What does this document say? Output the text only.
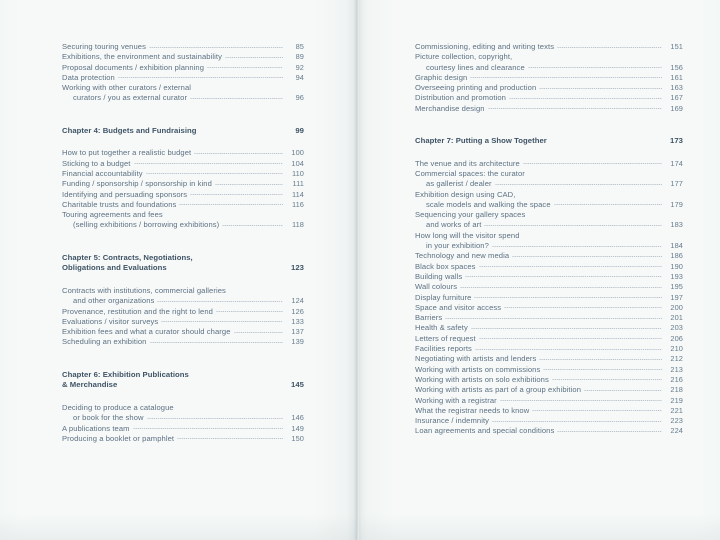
Securing touring venues	85
Exhibitions, the environment and sustainability	89
Proposal documents / exhibition planning	92
Data protection	94
Working with other curators / external
curators / you as external curator	96
Chapter 4: Budgets and Fundraising	99
How to put together a realistic budget	100
Sticking to a budget	104
Financial accountability	110
Funding / sponsorship / sponsorship in kind	111
Identifying and persuading sponsors	114
Charitable trusts and foundations	116
Touring agreements and fees
(selling exhibitions / borrowing exhibitions)	118
Chapter 5: Contracts, Negotiations,
Obligations and Evaluations	123
Contracts with institutions, commercial galleries
and other organizations	124
Provenance, restitution and the right to lend	126
Evaluations / visitor surveys	133
Exhibition fees and what a curator should charge	137
Scheduling an exhibition	139
Chapter 6: Exhibition Publications
& Merchandise	145
Deciding to produce a catalogue
or book for the show	146
A publications team	149
Producing a booklet or pamphlet	150
Commissioning, editing and writing texts	151
Picture collection, copyright,
courtesy lines and clearance	156
Graphic design	161
Overseeing printing and production	163
Distribution and promotion	167
Merchandise design	169
Chapter 7: Putting a Show Together	173
The venue and its architecture	174
Commercial spaces: the curator
as gallerist / dealer	177
Exhibition design using CAD,
scale models and walking the space	179
Sequencing your gallery spaces
and works of art	183
How long will the visitor spend
in your exhibition?	184
Technology and new media	186
Black box spaces	190
Building walls	193
Wall colours	195
Display furniture	197
Space and visitor access	200
Barriers	201
Health & safety	203
Letters of request	206
Facilities reports	210
Negotiating with artists and lenders	212
Working with artists on commissions	213
Working with artists on solo exhibitions	216
Working with artists as part of a group exhibition	218
Working with a registrar	219
What the registrar needs to know	221
Insurance / indemnity	223
Loan agreements and special conditions	224
